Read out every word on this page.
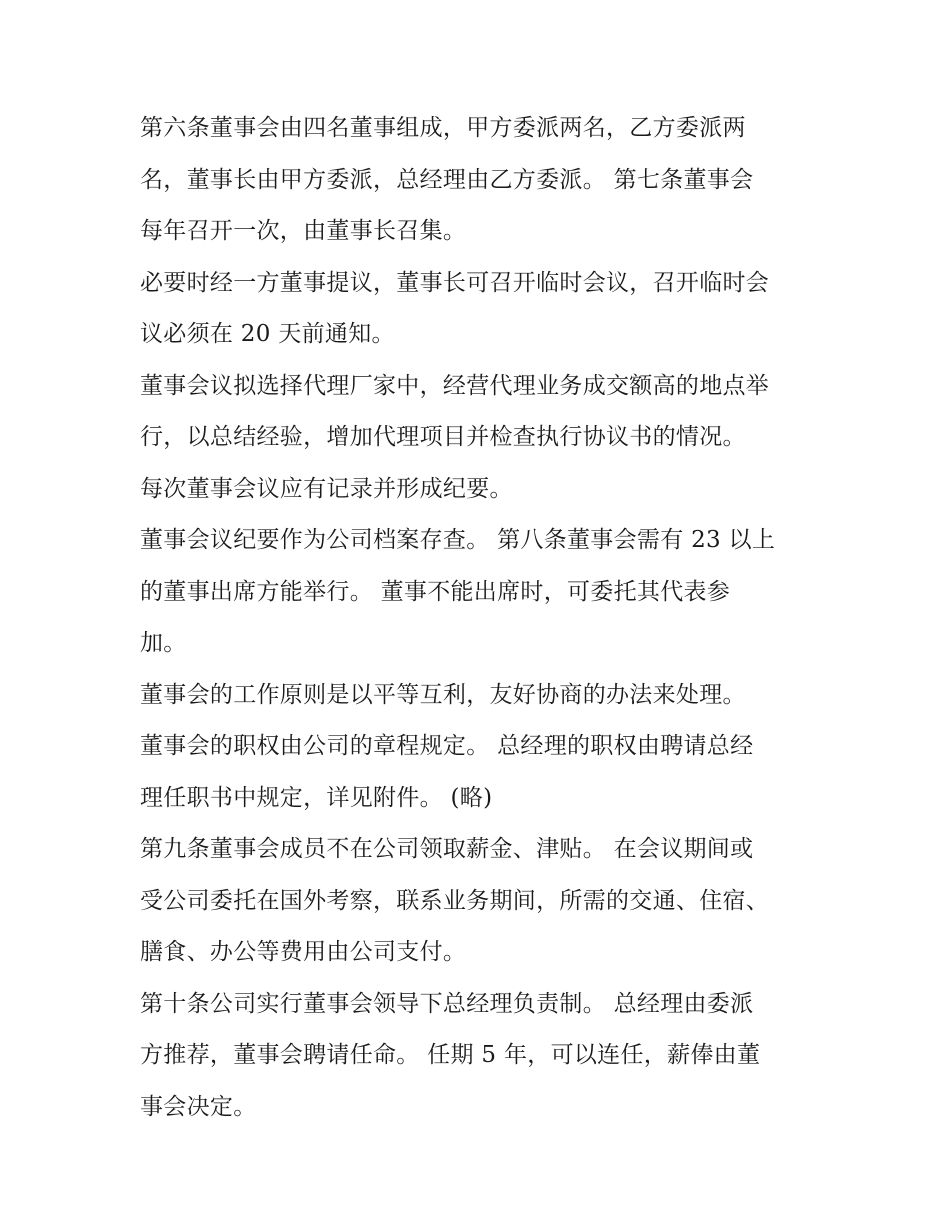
第六条董事会由四名董事组成，甲方委派两名，乙方委派两
名，董事长由甲方委派，总经理由乙方委派。 第七条董事会
每年召开一次，由董事长召集。
必要时经一方董事提议，董事长可召开临时会议，召开临时会
议必须在 20 天前通知。
董事会议拟选择代理厂家中，经营代理业务成交额高的地点举
行，以总结经验，增加代理项目并检查执行协议书的情况。
每次董事会议应有记录并形成纪要。
董事会议纪要作为公司档案存查。 第八条董事会需有 23 以上
的董事出席方能举行。 董事不能出席时，可委托其代表参
加。
董事会的工作原则是以平等互利，友好协商的办法来处理。
董事会的职权由公司的章程规定。 总经理的职权由聘请总经
理任职书中规定，详见附件。 (略)
第九条董事会成员不在公司领取薪金、津贴。 在会议期间或
受公司委托在国外考察，联系业务期间，所需的交通、住宿、
膳食、办公等费用由公司支付。
第十条公司实行董事会领导下总经理负责制。 总经理由委派
方推荐，董事会聘请任命。 任期 5 年，可以连任，薪俸由董
事会决定。
